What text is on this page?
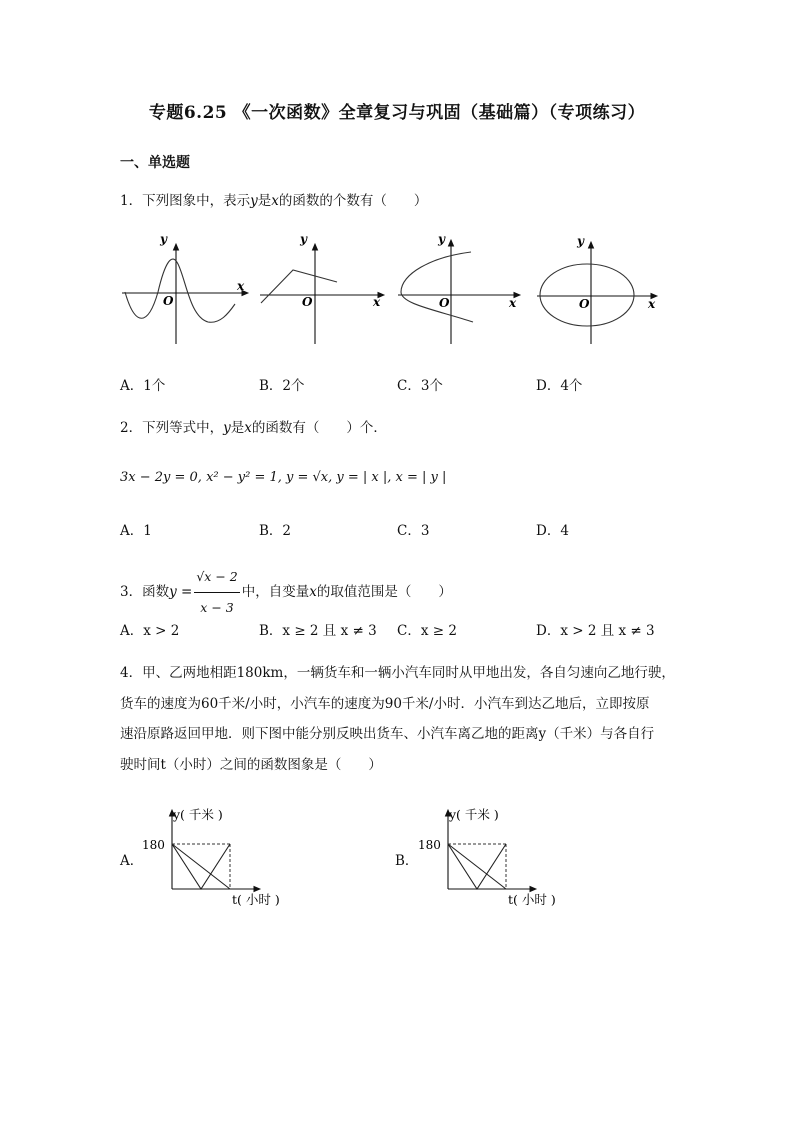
专题6.25 《一次函数》全章复习与巩固（基础篇）（专项练习）
一、单选题
1．下列图象中，表示y是x的函数的个数有（　　）
y
x
O
y
x
O
y
x
O
y
x
O
A．1个	B．2个	C．3个	D．4个
2．下列等式中，y是x的函数有（　　）个．
3x − 2y = 0, x² − y² = 1, y = √x, y = | x |, x = | y |
A．1	B．2	C．3	D．4
3．函数$y = \frac{√x - 2}{x - 3}$ 中，自变量x的取值范围是（　　）
A．x > 2	B．x ≥ 2 且 x ≠ 3 C．x ≥ 2	D．x > 2 且 x ≠ 3
4．甲、乙两地相距180km，一辆货车和一辆小汽车同时从甲地出发，各自匀速向乙地行驶，
货车的速度为60千米/小时，小汽车的速度为90千米/小时．小汽车到达乙地后，立即按原
速沿原路返回甲地．则下图中能分别反映出货车、小汽车离乙地的距离y（千米）与各自行
驶时间t（小时）之间的函数图象是（　　）
A．
180
y( 千米 )
t( 小时 )
B．
180
y( 千米 )
t( 小时 )
